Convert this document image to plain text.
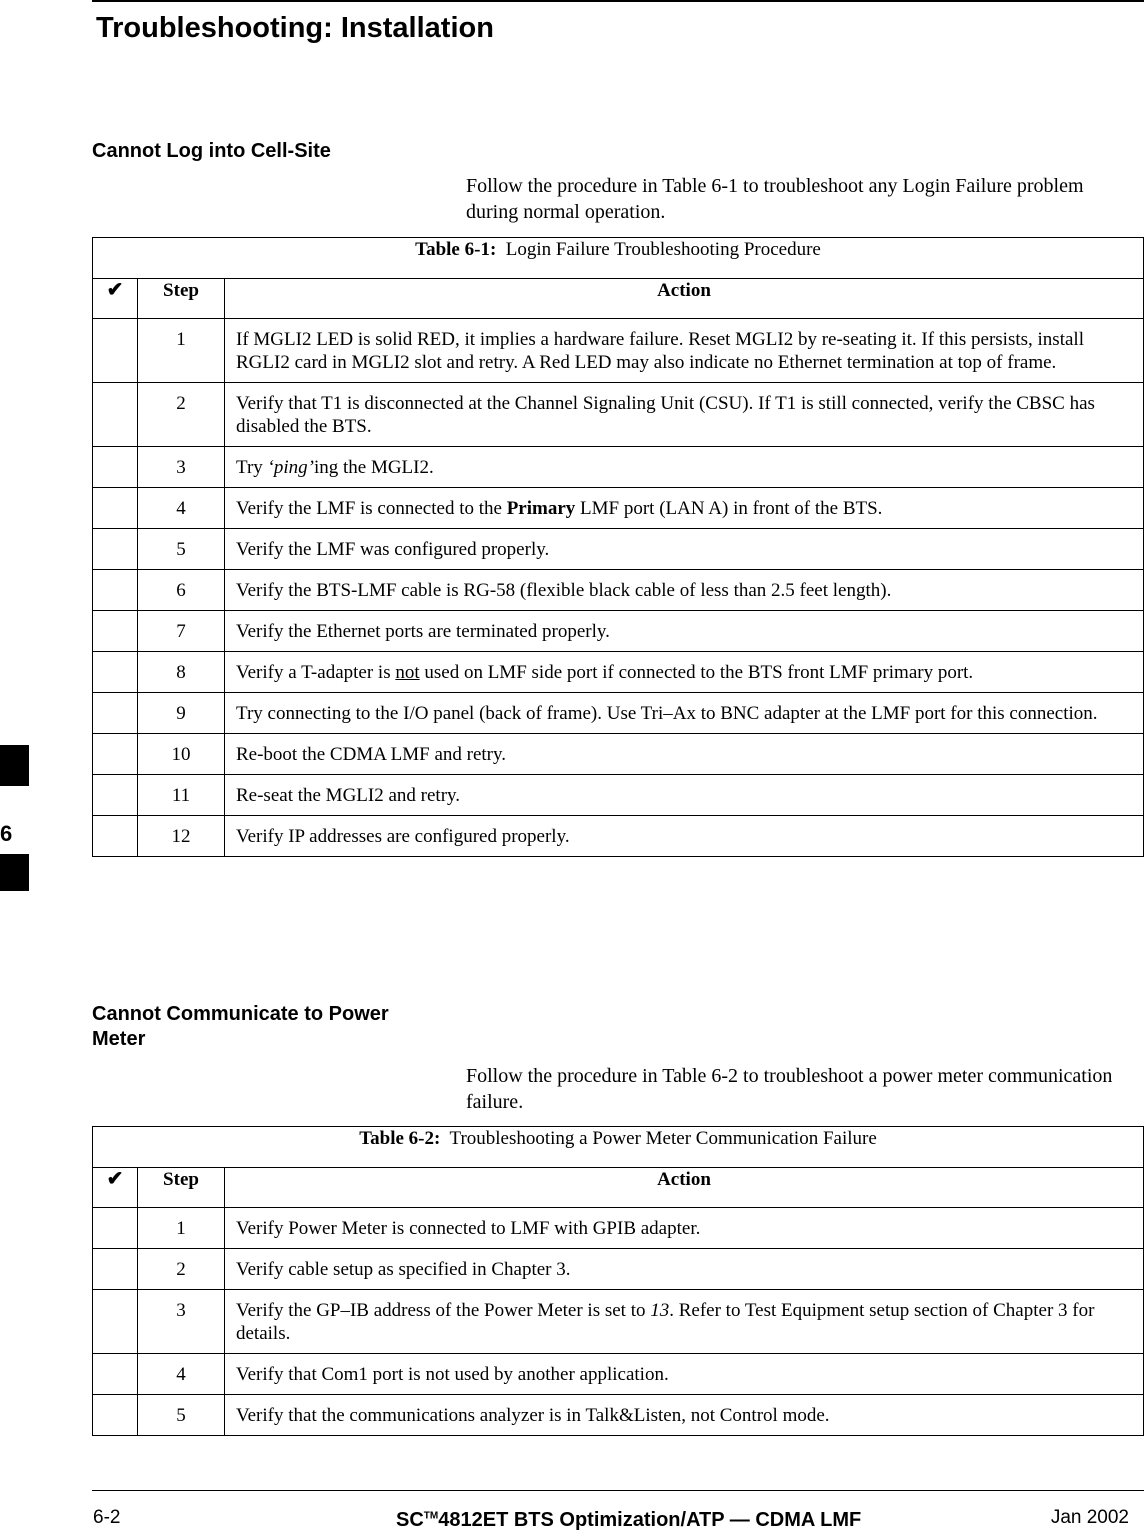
Troubleshooting: Installation
Cannot Log into Cell-Site

Follow the procedure in Table 6-1 to troubleshoot any Login Failure problem during normal operation.

Table 6-1: Login Failure Troubleshooting Procedure		
✔	Step	Action
	1	If MGLI2 LED is solid RED, it implies a hardware failure. Reset MGLI2 by re-seating it. If this persists, install RGLI2 card in MGLI2 slot and retry. A Red LED may also indicate no Ethernet termination at top of frame.
	2	Verify that T1 is disconnected at the Channel Signaling Unit (CSU). If T1 is still connected, verify the CBSC has disabled the BTS.
	3	Try ‘ping’ing the MGLI2.
	4	Verify the LMF is connected to the Primary LMF port (LAN A) in front of the BTS.
	5	Verify the LMF was configured properly.
	6	Verify the BTS-LMF cable is RG-58 (flexible black cable of less than 2.5 feet length).
	7	Verify the Ethernet ports are terminated properly.
	8	Verify a T-adapter is not used on LMF side port if connected to the BTS front LMF primary port.
	9	Try connecting to the I/O panel (back of frame). Use Tri–Ax to BNC adapter at the LMF port for this connection.
	10	Re-boot the CDMA LMF and retry.
	11	Re-seat the MGLI2 and retry.
	12	Verify IP addresses are configured properly.
Cannot Communicate to Power Meter

Follow the procedure in Table 6-2 to troubleshoot a power meter communication failure.

Table 6-2: Troubleshooting a Power Meter Communication Failure		
✔	Step	Action
	1	Verify Power Meter is connected to LMF with GPIB adapter.
	2	Verify cable setup as specified in Chapter 3.
	3	Verify the GP–IB address of the Power Meter is set to 13. Refer to Test Equipment setup section of Chapter 3 for details.
	4	Verify that Com1 port is not used by another application.
	5	Verify that the communications analyzer is in Talk&Listen, not Control mode.
6
6-2	SC™4812ET BTS Optimization/ATP — CDMA LMF	Jan 2002
